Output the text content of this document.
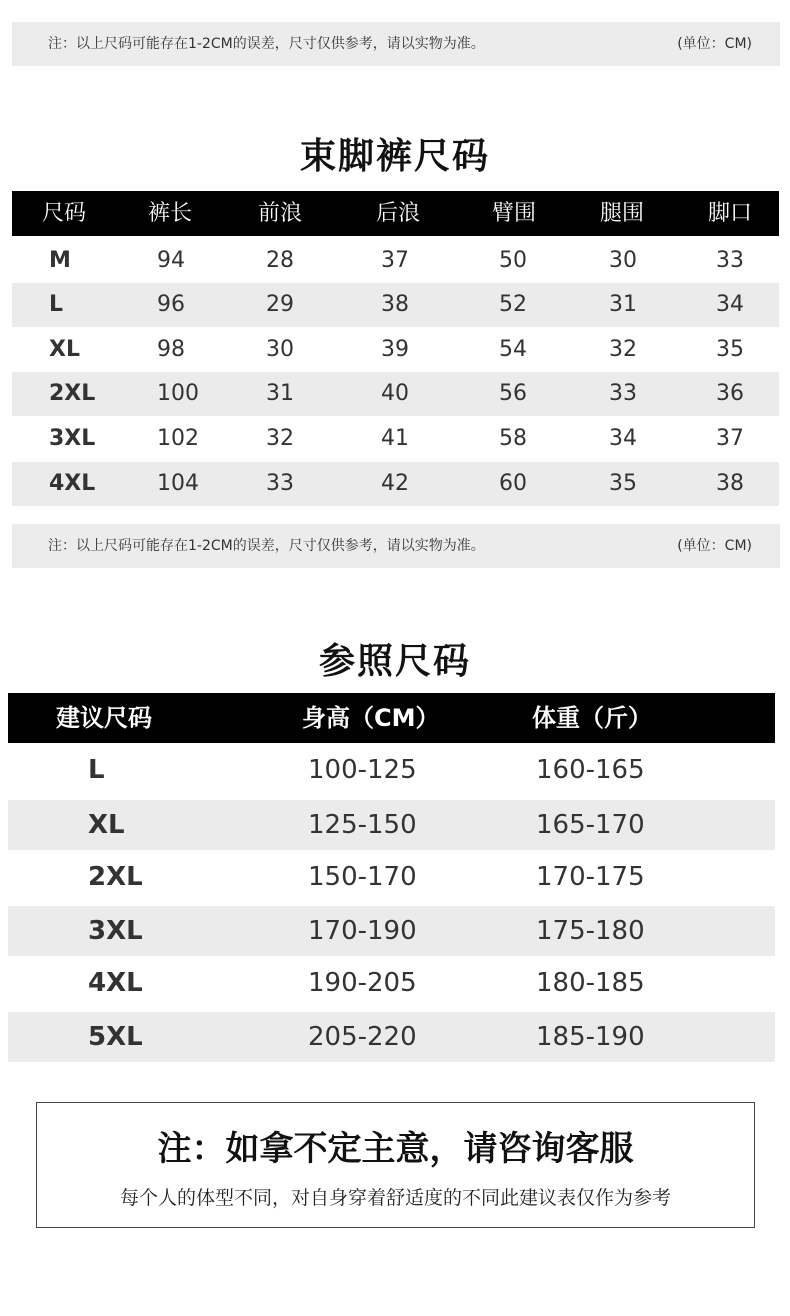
注：以上尺码可能存在1-2CM的误差，尺寸仅供参考，请以实物为准。	(单位：CM)
束脚裤尺码
尺码	裤长	前浪	后浪	臂围	腿围	脚口
M	94	28	37	50	30	33
L	96	29	38	52	31	34
XL	98	30	39	54	32	35
2XL	100	31	40	56	33	36
3XL	102	32	41	58	34	37
4XL	104	33	42	60	35	38
注：以上尺码可能存在1-2CM的误差，尺寸仅供参考，请以实物为准。	(单位：CM)
参照尺码
建议尺码	身高（CM）	体重（斤）
L	100-125	160-165
XL	125-150	165-170
2XL	150-170	170-175
3XL	170-190	175-180
4XL	190-205	180-185
5XL	205-220	185-190
注：如拿不定主意，请咨询客服
每个人的体型不同，对自身穿着舒适度的不同此建议表仅作为参考
